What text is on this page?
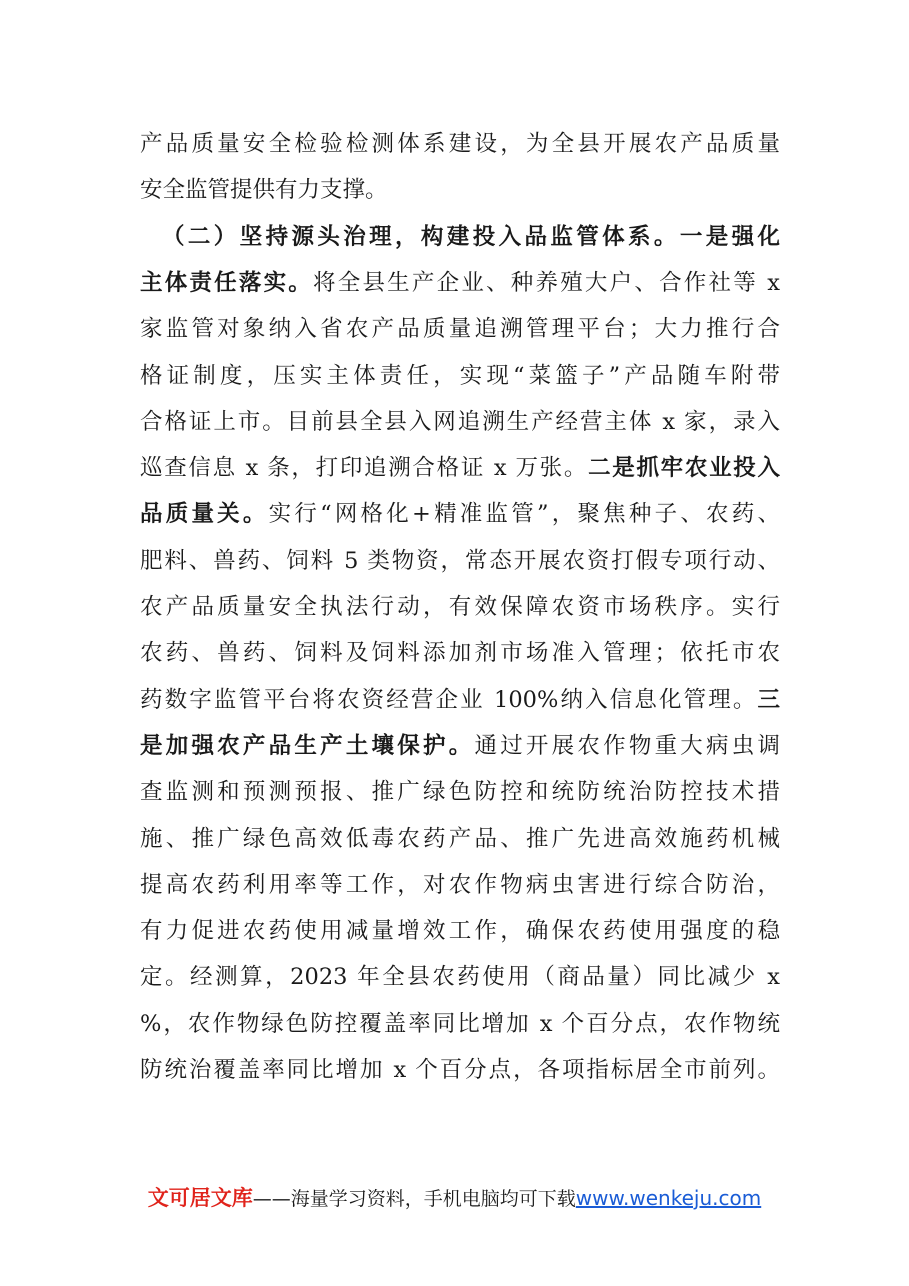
产品质量安全检验检测体系建设，为全县开展农产品质量
安全监管提供有力支撑。
（二）坚持源头治理，构建投入品监管体系。一是强化
主体责任落实。将全县生产企业、种养殖大户、合作社等 x
家监管对象纳入省农产品质量追溯管理平台；大力推行合
格证制度，压实主体责任，实现“菜篮子”产品随车附带
合格证上市。目前县全县入网追溯生产经营主体 x 家，录入
巡查信息 x 条，打印追溯合格证 x 万张。二是抓牢农业投入
品质量关。实行“网格化+精准监管”，聚焦种子、农药、
肥料、兽药、饲料 5 类物资，常态开展农资打假专项行动、
农产品质量安全执法行动，有效保障农资市场秩序。实行
农药、兽药、饲料及饲料添加剂市场准入管理；依托市农
药数字监管平台将农资经营企业 100%纳入信息化管理。三
是加强农产品生产土壤保护。通过开展农作物重大病虫调
查监测和预测预报、推广绿色防控和统防统治防控技术措
施、推广绿色高效低毒农药产品、推广先进高效施药机械
提高农药利用率等工作，对农作物病虫害进行综合防治，
有力促进农药使用减量增效工作，确保农药使用强度的稳
定。经测算，2023 年全县农药使用（商品量）同比减少 x
%，农作物绿色防控覆盖率同比增加 x 个百分点，农作物统
防统治覆盖率同比增加 x 个百分点，各项指标居全市前列。
文可居文库——海量学习资料，手机电脑均可下载www.wenkeju.com
